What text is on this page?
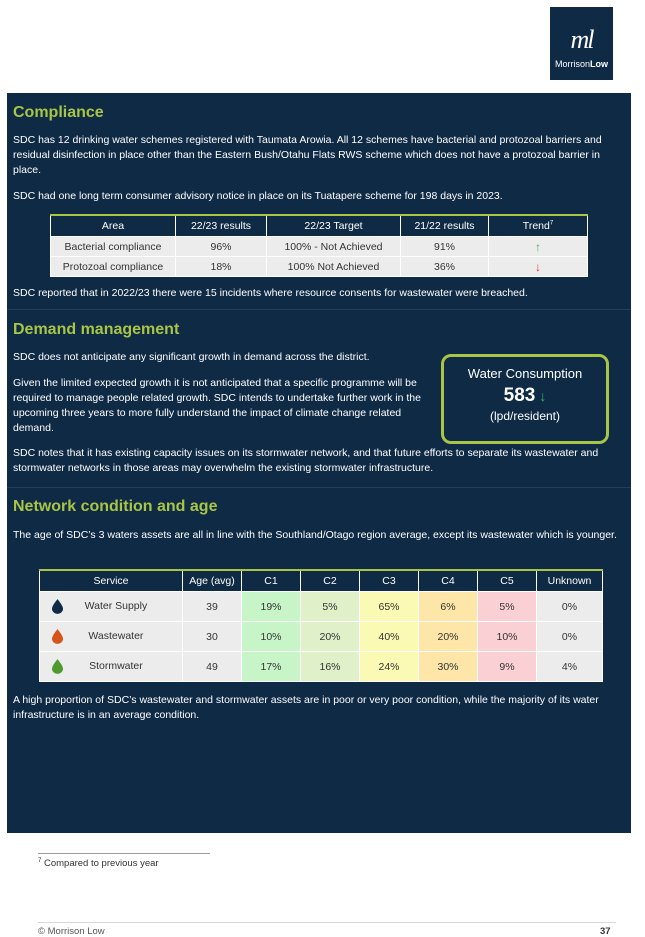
ml
MorrisonLow
Compliance

SDC has 12 drinking water schemes registered with Taumata Arowia. All 12 schemes have bacterial and protozoal barriers and residual disinfection in place other than the Eastern Bush/Otahu Flats RWS scheme which does not have a protozoal barrier in place.

SDC had one long term consumer advisory notice in place on its Tuatapere scheme for 198 days in 2023.

Area	22/23 results	22/23 Target	21/22 results	Trend$^7$
Bacterial compliance	96%	100% - Not Achieved	91%	↑
Protozoal compliance	18%	100% Not Achieved	36%	↓

SDC reported that in 2022/23 there were 15 incidents where resource consents for wastewater were breached.

Demand management

SDC does not anticipate any significant growth in demand across the district.

Given the limited expected growth it is not anticipated that a specific programme will be required to manage people related growth. SDC intends to undertake further work in the upcoming three years to more fully understand the impact of climate change related demand.

Water Consumption
583 ↓
(lpd/resident)

SDC notes that it has existing capacity issues on its stormwater network, and that future efforts to separate its wastewater and stormwater networks in those areas may overwhelm the existing stormwater infrastructure.

Network condition and age

The age of SDC’s 3 waters assets are all in line with the Southland/Otago region average, except its wastewater which is younger.

Service	Age (avg)	C1	C2	C3	C4	C5	Unknown
Water Supply	39	19%	5%	65%	6%	5%	0%
Wastewater	30	10%	20%	40%	20%	10%	0%
Stormwater	49	17%	16%	24%	30%	9%	4%

A high proportion of SDC’s wastewater and stormwater assets are in poor or very poor condition, while the majority of its water infrastructure is in an average condition.

$^7$ Compared to previous year
© Morrison Low	37
